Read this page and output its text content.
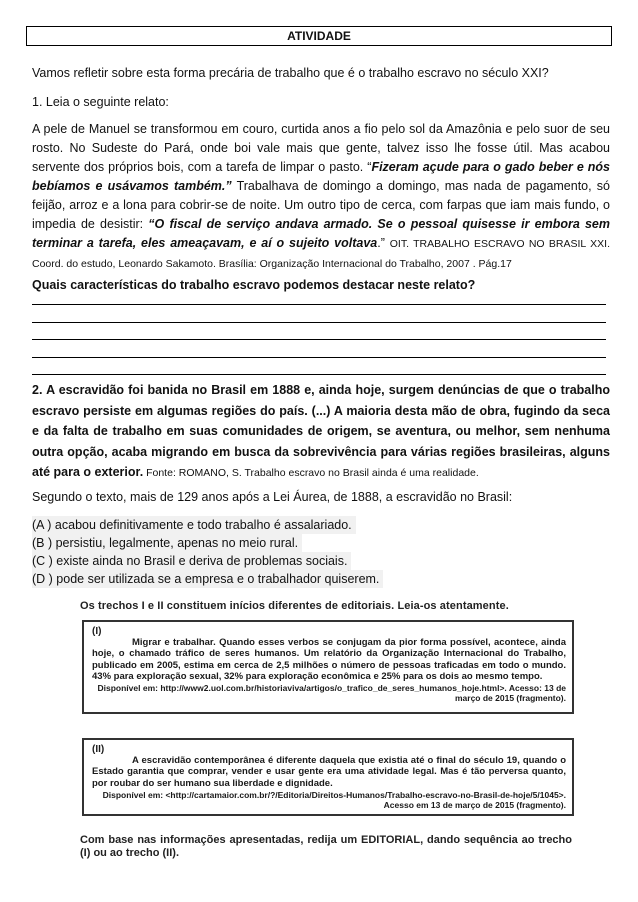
ATIVIDADE
Vamos refletir sobre esta forma precária de trabalho que é o trabalho escravo no século XXI?
1. Leia o seguinte relato:
A pele de Manuel se transformou em couro, curtida anos a fio pelo sol da Amazônia e pelo suor de seu rosto. No Sudeste do Pará, onde boi vale mais que gente, talvez isso lhe fosse útil. Mas acabou servente dos próprios bois, com a tarefa de limpar o pasto. “Fizeram açude para o gado beber e nós bebíamos e usávamos também.” Trabalhava de domingo a domingo, mas nada de pagamento, só feijão, arroz e a lona para cobrir-se de noite. Um outro tipo de cerca, com farpas que iam mais fundo, o impedia de desistir: “O fiscal de serviço andava armado. Se o pessoal quisesse ir embora sem terminar a tarefa, eles ameaçavam, e aí o sujeito voltava.” OIT. TRABALHO ESCRAVO NO BRASIL XXI. Coord. do estudo, Leonardo Sakamoto. Brasília: Organização Internacional do Trabalho, 2007 . Pág.17
Quais características do trabalho escravo podemos destacar neste relato?
2. A escravidão foi banida no Brasil em 1888 e, ainda hoje, surgem denúncias de que o trabalho escravo persiste em algumas regiões do país. (...) A maioria desta mão de obra, fugindo da seca e da falta de trabalho em suas comunidades de origem, se aventura, ou melhor, sem nenhuma outra opção, acaba migrando em busca da sobrevivência para várias regiões brasileiras, alguns até para o exterior. Fonte: ROMANO, S. Trabalho escravo no Brasil ainda é uma realidade.
Segundo o texto, mais de 129 anos após a Lei Áurea, de 1888, a escravidão no Brasil:
(A ) acabou definitivamente e todo trabalho é assalariado.
(B ) persistiu, legalmente, apenas no meio rural.
(C ) existe ainda no Brasil e deriva de problemas sociais.
(D ) pode ser utilizada se a empresa e o trabalhador quiserem.
Os trechos I e II constituem inícios diferentes de editoriais. Leia-os atentamente.
(I)
Migrar e trabalhar. Quando esses verbos se conjugam da pior forma possível, acontece, ainda hoje, o chamado tráfico de seres humanos. Um relatório da Organização Internacional do Trabalho, publicado em 2005, estima em cerca de 2,5 milhões o número de pessoas traficadas em todo o mundo. 43% para exploração sexual, 32% para exploração econômica e 25% para os dois ao mesmo tempo.
Disponível em: http://www2.uol.com.br/historiaviva/artigos/o_trafico_de_seres_humanos_hoje.html>. Acesso: 13 de março de 2015 (fragmento).
(II)
A escravidão contemporânea é diferente daquela que existia até o final do século 19, quando o Estado garantia que comprar, vender e usar gente era uma atividade legal. Mas é tão perversa quanto, por roubar do ser humano sua liberdade e dignidade.
Disponível em: <http://cartamaior.com.br/?/Editoria/Direitos-Humanos/Trabalho-escravo-no-Brasil-de-hoje/5/1045>. Acesso em 13 de março de 2015 (fragmento).
Com base nas informações apresentadas, redija um EDITORIAL, dando sequência ao trecho (I) ou ao trecho (II).
